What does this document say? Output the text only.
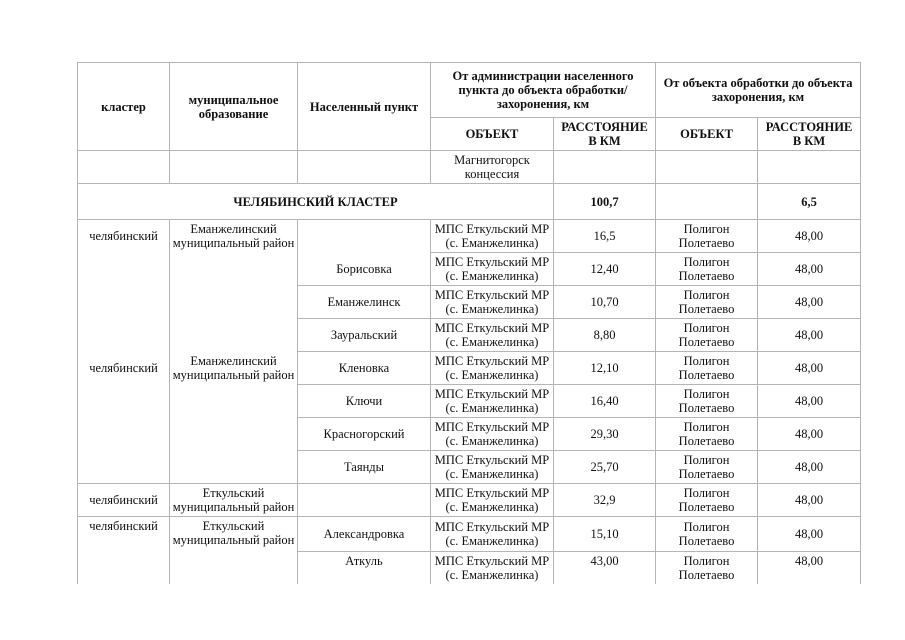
кластер	муниципальное образование	Населенный пункт	От администрации населенного пункта до объекта обработки/ захоронения, км		От объекта обработки до объекта захоронения, км	
			ОБЪЕКТ	РАССТОЯНИЕ В КМ	ОБЪЕКТ	РАССТОЯНИЕ В КМ
			Магнитогорск концессия			
ЧЕЛЯБИНСКИЙ КЛАСТЕР				100,7		6,5
челябинский	Еманжелинский муниципальный район		МПС Еткульский МР (с. Еманжелинка)	16,5	Полигон Полетаево	48,00
		Борисовка	МПС Еткульский МР (с. Еманжелинка)	12,40	Полигон Полетаево	48,00
		Еманжелинск	МПС Еткульский МР (с. Еманжелинка)	10,70	Полигон Полетаево	48,00
		Зауральский	МПС Еткульский МР (с. Еманжелинка)	8,80	Полигон Полетаево	48,00
челябинский	Еманжелинский муниципальный район	Кленовка	МПС Еткульский МР (с. Еманжелинка)	12,10	Полигон Полетаево	48,00
		Ключи	МПС Еткульский МР (с. Еманжелинка)	16,40	Полигон Полетаево	48,00
		Красногорский	МПС Еткульский МР (с. Еманжелинка)	29,30	Полигон Полетаево	48,00
		Таянды	МПС Еткульский МР (с. Еманжелинка)	25,70	Полигон Полетаево	48,00
челябинский	Еткульский муниципальный район		МПС Еткульский МР (с. Еманжелинка)	32,9	Полигон Полетаево	48,00
челябинский	Еткульский муниципальный район	Александровка	МПС Еткульский МР (с. Еманжелинка)	15,10	Полигон Полетаево	48,00
		Аткуль	МПС Еткульский МР (с. Еманжелинка)	43,00	Полигон Полетаево	48,00
